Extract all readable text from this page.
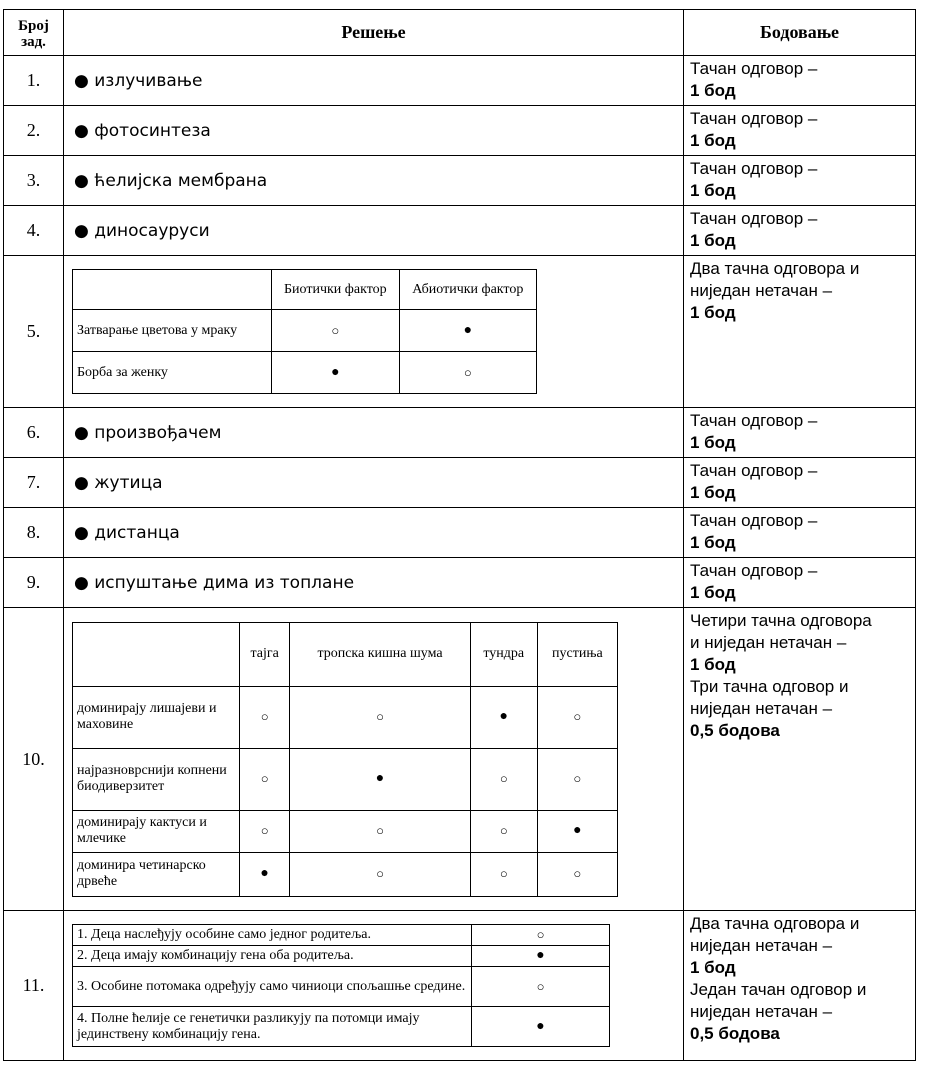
Број зад.	Решење	Бодовање
1.	● излучивање	
Тачан одговор –
1 бод

2.	● фотосинтеза	
Тачан одговор –
1 бод

3.	● ћелијска мембрана	
Тачан одговор –
1 бод

4.	● диносауруси	
Тачан одговор –
1 бод

5.	
	Биотички фактор	Абиотички фактор
Затварање цветова у мраку	○	●
Борба за женку	●	○

Два тачна одговора и
ниједан нетачан –
1 бод

6.	● произвођачем	
Тачан одговор –
1 бод

7.	● жутица	
Тачан одговор –
1 бод

8.	● дистанца	
Тачан одговор –
1 бод

9.	● испуштање дима из топлане	
Тачан одговор –
1 бод

10.	
	тајга	тропска кишна шума	тундра	пустиња
доминирају лишајеви и маховине	○	○	●	○
најразноврснији копнени биодиверзитет	○	●	○	○
доминирају кактуси и млечике	○	○	○	●
доминира четинарско дрвеће	●	○	○	○

Четири тачна одговора
и ниједан нетачан –
1 бод
Три тачна одговор и
ниједан нетачан –
0,5 бодова

11.	
1. Деца наслеђују особине само једног родитеља.	○
2. Деца имају комбинацију гена оба родитеља.	●
3. Особине потомака одређују само чиниоци спољашње средине.	○
4. Полне ћелије се генетички разликују па потомци имају јединствену комбинацију гена.	●

Два тачна одговора и
ниједан нетачан –
1 бод
Један тачан одговор и
ниједан нетачан –
0,5 бодова
